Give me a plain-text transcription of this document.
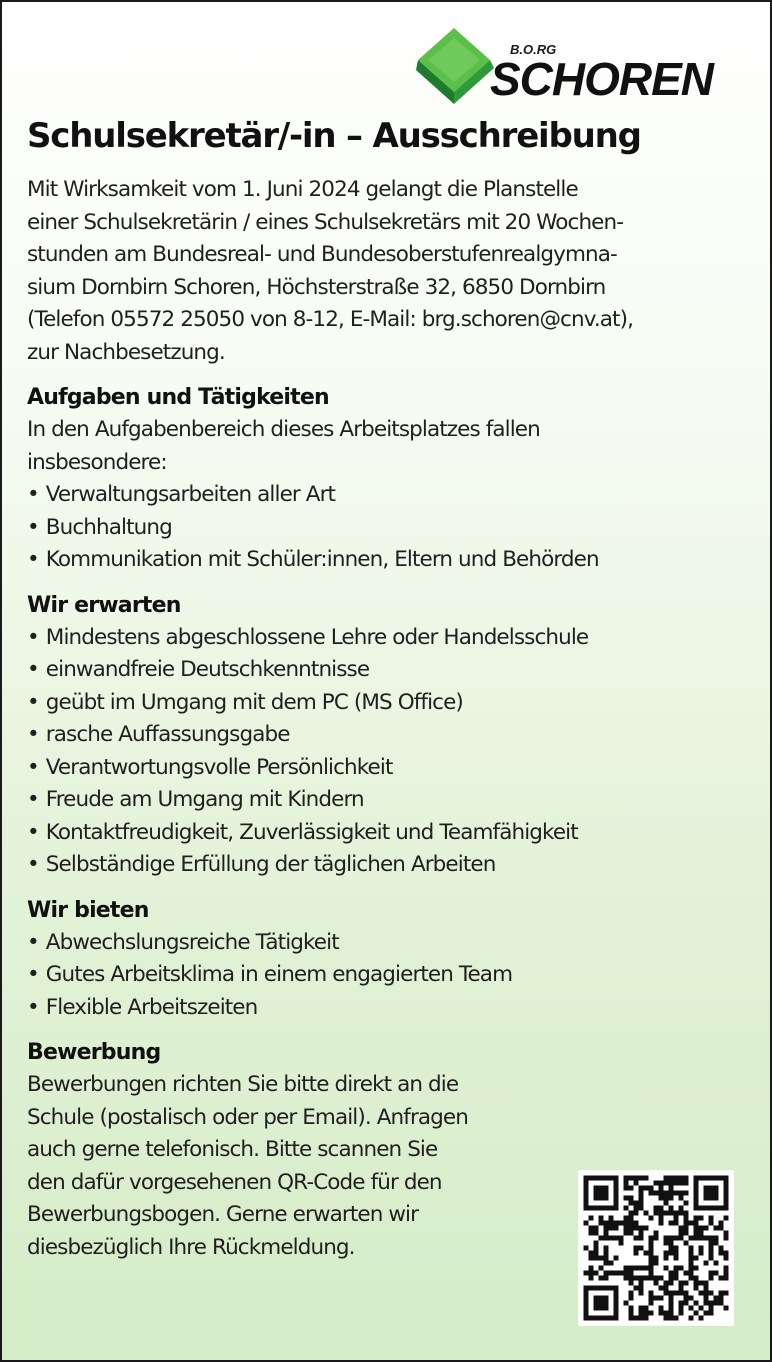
B.O.RG
SCHOREN
Schulsekretär/-in – Ausschreibung

Mit Wirksamkeit vom 1. Juni 2024 gelangt die Planstelle
einer Schulsekretärin / eines Schulsekretärs mit 20 Wochen-
stunden am Bundesreal- und Bundesoberstufenrealgymna-
sium Dornbirn Schoren, Höchsterstraße 32, 6850 Dornbirn
(Telefon 05572 25050 von 8-12, E-Mail: brg.schoren@cnv.at),
zur Nachbesetzung.

Aufgaben und Tätigkeiten

In den Aufgabenbereich dieses Arbeitsplatzes fallen
insbesondere:

• Verwaltungsarbeiten aller Art
• Buchhaltung
• Kommunikation mit Schüler:innen, Eltern und Behörden
Wir erwarten
• Mindestens abgeschlossene Lehre oder Handelsschule
• einwandfreie Deutschkenntnisse
• geübt im Umgang mit dem PC (MS Office)
• rasche Auffassungsgabe
• Verantwortungsvolle Persönlichkeit
• Freude am Umgang mit Kindern
• Kontaktfreudigkeit, Zuverlässigkeit und Teamfähigkeit
• Selbständige Erfüllung der täglichen Arbeiten
Wir bieten
• Abwechslungsreiche Tätigkeit
• Gutes Arbeitsklima in einem engagierten Team
• Flexible Arbeitszeiten
Bewerbung

Bewerbungen richten Sie bitte direkt an die
Schule (postalisch oder per Email). Anfragen
auch gerne telefonisch. Bitte scannen Sie
den dafür vorgesehenen QR-Code für den
Bewerbungsbogen. Gerne erwarten wir
diesbezüglich Ihre Rückmeldung.
